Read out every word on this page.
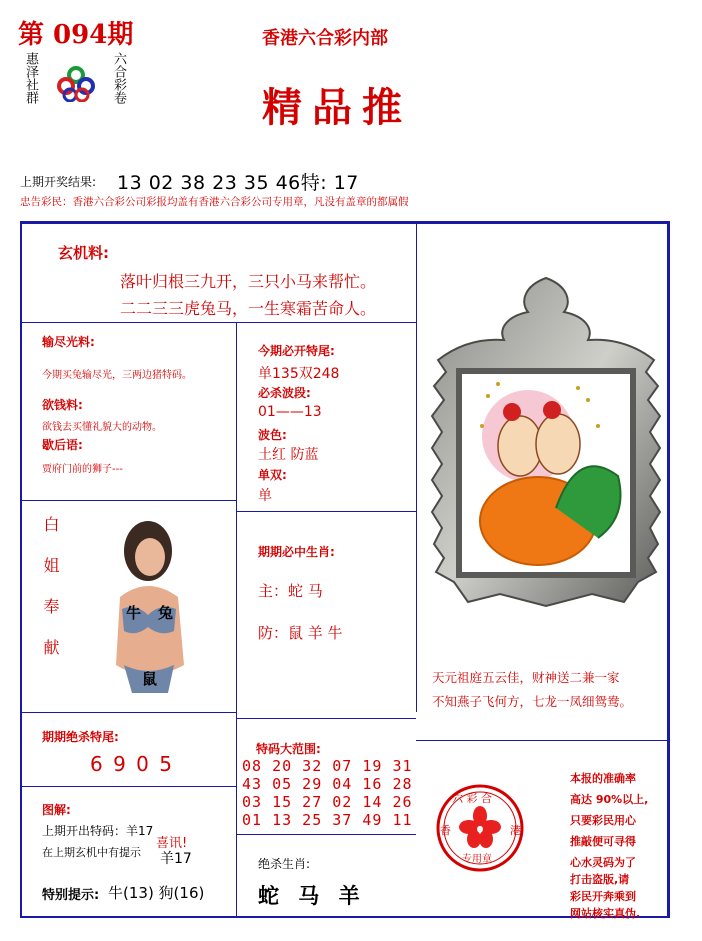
第 094期
惠泽社群	六合彩卷
香港六合彩内部
精品推
上期开奖结果: 13 02 38 23 35 46特: 17
忠告彩民：香港六合彩公司彩报均盖有香港六合彩公司专用章，凡没有盖章的都属假
玄机料:
落叶归根三九开，三只小马来帮忙。
二二三三虎兔马，一生寒霜苦命人。
输尽光料:
今期买兔输尽光，三两边猪特码。
欲钱料:
欲钱去买懂礼貌大的动物。
歇后语:
贾府门前的狮子---
今期必开特尾:
单135双248
必杀波段:
01——13
波色:
土红 防蓝
单双:
单
白姐奉献	牛 兔
鼠
期期必中生肖:
主：蛇 马
防：鼠 羊 牛
天元祖庭五云佳，财神送二兼一家
不知燕子飞何方，七龙一凤细鸳鸯。
期期绝杀特尾:
6 9 0 5
特码大范围:
08 20 32 07 19 31
43 05 29 04 16 28
03 15 27 02 14 26
01 13 25 37 49 11
图解:
上期开出特码：羊17
在上期玄机中有提示
喜讯!
羊17
特别提示: 牛(13) 狗(16)
绝杀生肖:
蛇 马 羊
六 彩 合
香	港
专用章
本报的准确率
高达 90%以上,
只要彩民用心
推敲便可寻得
心水灵码为了
打击盗版,请
彩民开奔乘到
网站核实真伪.
